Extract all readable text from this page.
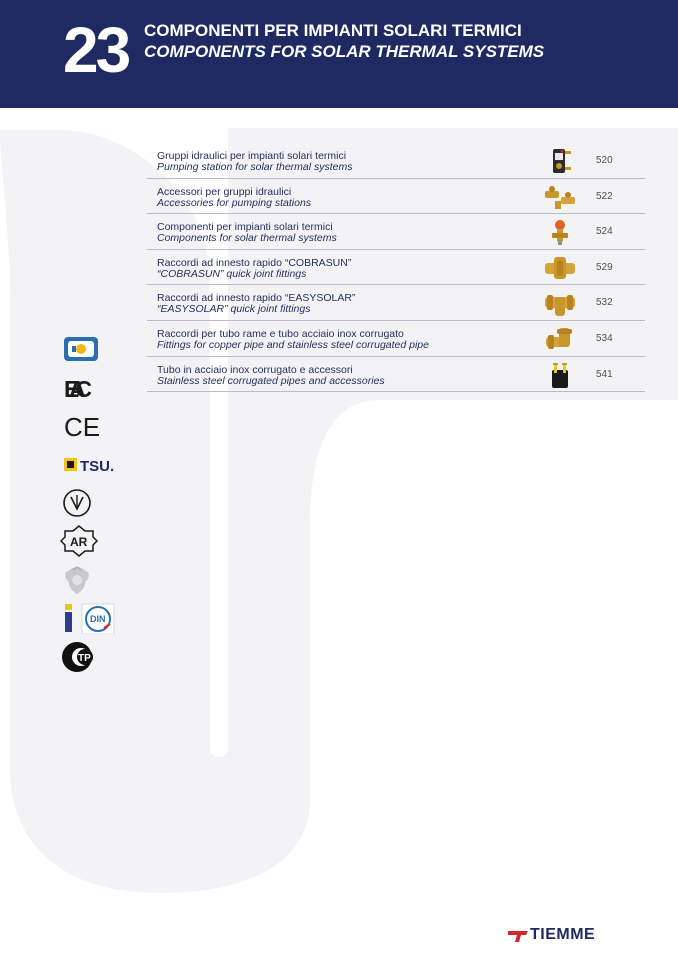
23 COMPONENTI PER IMPIANTI SOLARI TERMICI
COMPONENTS FOR SOLAR THERMAL SYSTEMS
Gruppi idraulici per impianti solari termici
Pumping station for solar thermal systems
520
Accessori per gruppi idraulici
Accessories for pumping stations
522
Componenti per impianti solari termici
Components for solar thermal systems
524
Raccordi ad innesto rapido “COBRASUN”
“COBRASUN” quick joint fittings
529
Raccordi ad innesto rapido “EASYSOLAR”
“EASYSOLAR” quick joint fittings
532
Raccordi per tubo rame e tubo acciaio inox corrugato
Fittings for copper pipe and stainless steel corrugated pipe
534
Tubo in acciaio inox corrugato e accessori
Stainless steel corrugated pipes and accessories
541
EAC
CE
TSU.
AR
DIN
TP
TIEMME
